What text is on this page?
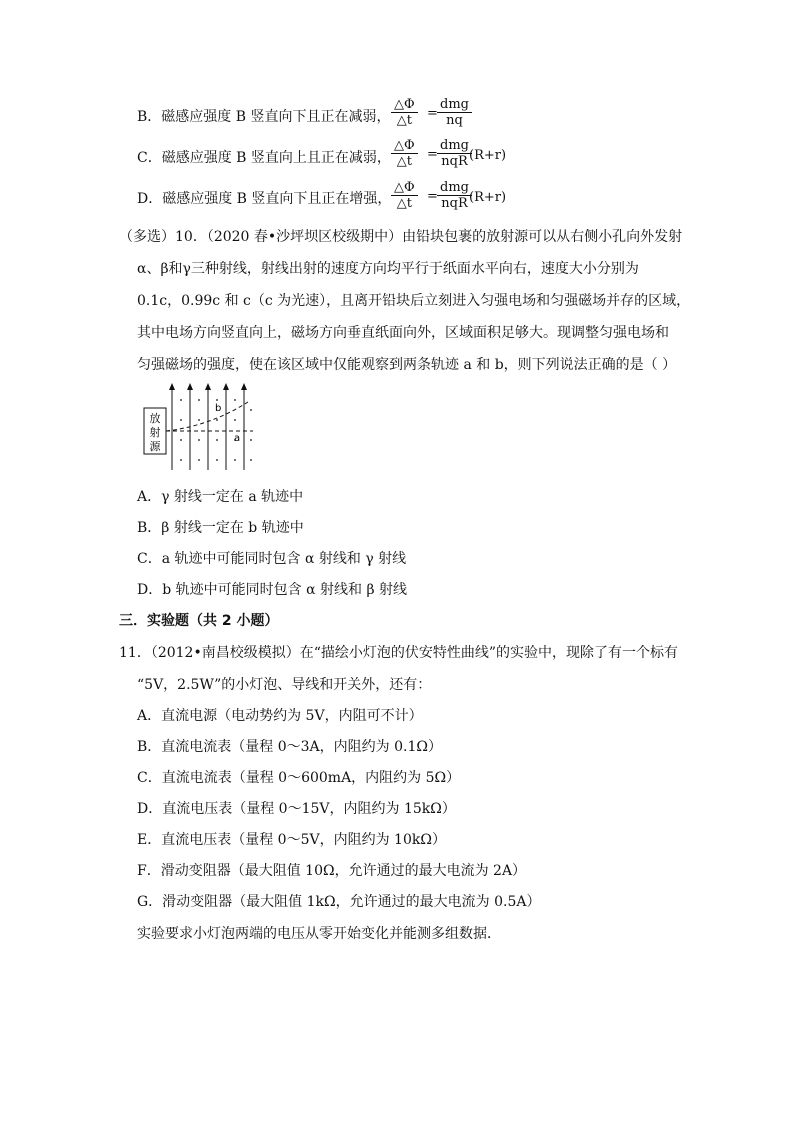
B．磁感应强度 B 竖直向下且正在减弱， $\frac{\triangle\Phi}{\triangle t}$ =
dmg
nq
C．磁感应强度 B 竖直向上且正在减弱， $\frac{\triangle\Phi}{\triangle t}$ =
dmg
nqR (R+r)
D．磁感应强度 B 竖直向下且正在增强， $\frac{\triangle\Phi}{\triangle t}$ =
dmg
nqR (R+r)
（多选）10．（2020 春•沙坪坝区校级期中）由铅块包裹的放射源可以从右侧小孔向外发射
α、β和γ三种射线，射线出射的速度方向均平行于纸面水平向右，速度大小分别为
0.1c，0.99c 和 c（c 为光速），且离开铅块后立刻进入匀强电场和匀强磁场并存的区域，
其中电场方向竖直向上，磁场方向垂直纸面向外，区域面积足够大。现调整匀强电场和
匀强磁场的强度，使在该区域中仅能观察到两条轨迹 a 和 b，则下列说法正确的是（ ）
放
射
源
a
b
A．γ 射线一定在 a 轨迹中
B．β 射线一定在 b 轨迹中
C．a 轨迹中可能同时包含 α 射线和 γ 射线
D．b 轨迹中可能同时包含 α 射线和 β 射线
三．实验题（共 2 小题）
11．（2012•南昌校级模拟）在“描绘小灯泡的伏安特性曲线”的实验中，现除了有一个标有
“5V，2.5W”的小灯泡、导线和开关外，还有：
A．直流电源（电动势约为 5V，内阻可不计）
B．直流电流表（量程 0～3A，内阻约为 0.1Ω）
C．直流电流表（量程 0～600mA，内阻约为 5Ω）
D．直流电压表（量程 0～15V，内阻约为 15kΩ）
E．直流电压表（量程 0～5V，内阻约为 10kΩ）
F．滑动变阻器（最大阻值 10Ω，允许通过的最大电流为 2A）
G．滑动变阻器（最大阻值 1kΩ，允许通过的最大电流为 0.5A）
实验要求小灯泡两端的电压从零开始变化并能测多组数据．
